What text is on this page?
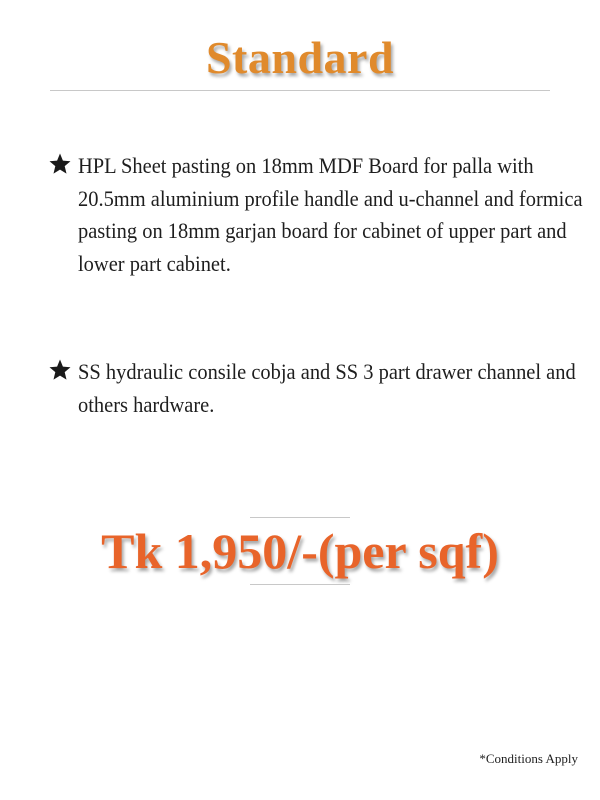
Standard
HPL Sheet pasting on 18mm MDF Board for palla with 20.5mm aluminium profile handle and u-channel and formica pasting on 18mm garjan board for cabinet of upper part and lower part cabinet.
SS hydraulic consile cobja and SS 3 part drawer channel and others hardware.
Tk 1,950/-(per sqf)
*Conditions Apply
